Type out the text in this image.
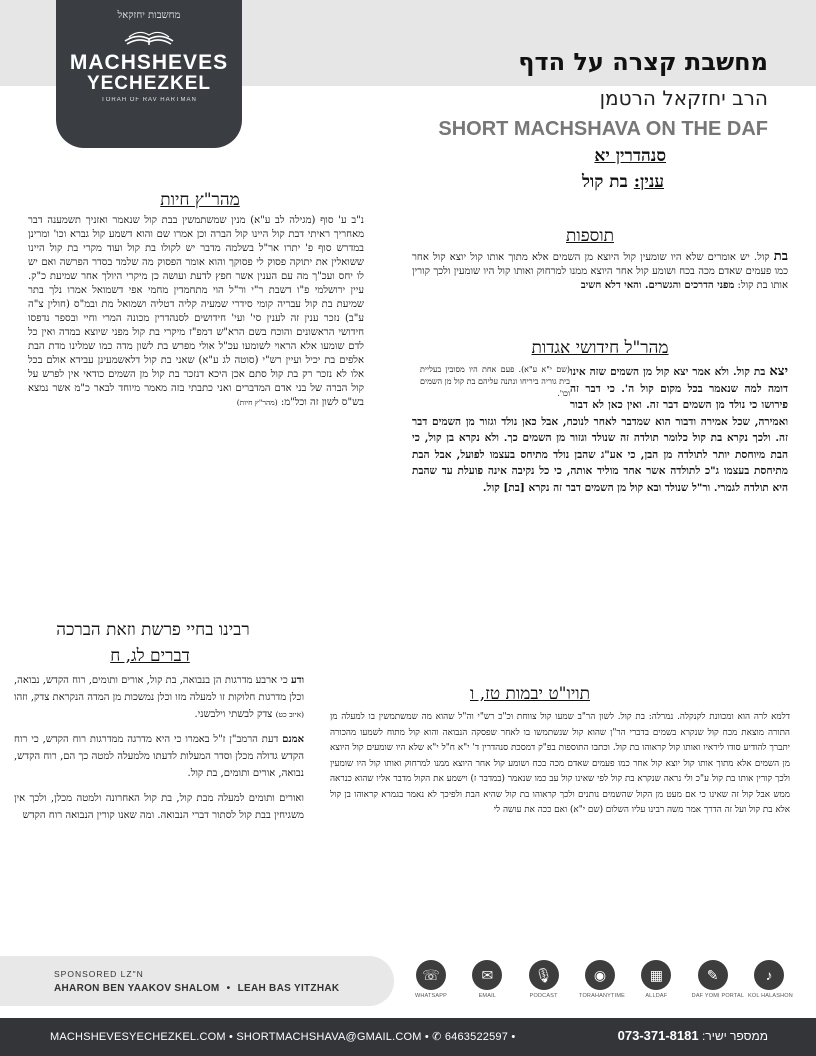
מחשבות יחזקאל
MACHSHEVES
YECHEZKEL
TORAH OF RAV HARTMAN
מחשבת קצרה על הדף
הרב יחזקאל הרטמן
SHORT MACHSHAVA ON THE DAF
סנהדרין יא
ענין: בת קול
מהר"ץ חיות
נ"ב ע' סוף (מגילה לב ע"א) מנין שמשתמשין בבת קול שנאמר ואזניך תשמענה דבר מאחריך ראיתי דבת קול היינו קול הברה וכן אמרו שם והוא דשמע קול גברא וכו' ומרינן במדרש סוף פ' יתרו אר"ל בשלמה מדבר יש לקולו בת קול ועוד מקרי בת קול היינו ששואלין את יתוקה פסוק לי פסוקך והוא אומר הפסוק מה שלמד בסדר הפרשה ואם יש לו יחס ועכ"ך מה עם הענין אשר חפץ לדעת ועושה כן מיקרי היולך אחר שמיעת כ"ק. עיין ירושלמי פ"ו דשבת ר"י ור"ל הוי מתחמדין מחמי אפי דשמואל אמרו נלך בתר שמיעת בת קול עבריה קומי סידרי שמעיה קליה דטליה ושמואל מת ובמ"ס (חולין צ"ה ע"ב) נזכר ענין זה לענין סי' ועי' חידושים לסנהדרין מכונה המרי וחיי ובספר נדפסו חידושי הראשונים והוכח בשם הרא"ש דמפ"ז מיקרי בת קול מפני שיוצא במדה ואין כל לדם שומעו אלא הראוי לשומעו עכ"ל אולי מפרש בת לשון מדה כמו שמלינו מדת הבת אלפים בת יכיל ועיין רש"י (סוטה לג ע"א) שאני בת קול דלאשמעינן עבידא אולם בכל אלו לא נזכר רק בת קול סתם אכן היכא דנזכר בת קול מן השמים כודאי אין לפרש על קול הברה של בני אדם המדברים ואני כתבתי בזה מאמר מיוחד לבאר כ"מ אשר נמצא בש"ס לשון זה וכל"מ: (מהר"ץ חיות)
רבינו בחיי פרשת וזאת הברכה
דברים לג, ח

ודע כי ארבע מדרגות הן בנבואה, בת קול, אורים ותומים, רוח הקדש, נבואה, וכלן מדרגות חלוקות זו למעלה מזו וכלן נמשכות מן המדה הנקראת צדק, וזהו (איוב כט) צדק לבשתי וילבשני.

אמנם דעת הרמב"ן ז"ל באמרו כי היא מדרגה ממדרגות רוח הקדש, כי רוח הקדש גדולה מכלן וסדר המעלות לדעתו מלמעלה למטה כך הם, רוח הקדש, נבואה, אורים ותומים, בת קול.

ואורים ותומים למעלה מבת קול, בת קול האחרונה ולמטה מכלן, ולכך אין משגיחין בבת קול לסתור דברי הנבואה. ומה שאנו קורין הנבואה רוח הקדש

תוספות
בת קול. יש אומרים שלא היו שומעין קול היוצא מן השמים אלא מתוך אותו קול יוצא קול אחר כמו פעמים שאדם מכה בכח ושומע קול אחר היוצא ממנו למרחוק ואותו קול היו שומעין ולכך קורין אותו בת קול: מפני הדרכים והגשרים. והאי דלא חשיב
מהר"ל חידושי אגדות
(שם י"א ע"א). פעם אחת היו מסובין בעליית בית גוריה ביריחו ונתנה עליהם בת קול מן השמים וכו'.
יצא בת קול. ולא אמר יצא קול מן השמים שזה אינו דומה למה שנאמר בכל מקום קול ה'. כי דבר זה פירושו כי נולד מן השמים דבר זה. ואין כאן לא דבור ואמירה, שכל אמירה ודבור הוא שמדבר לאחר לנוכח, אבל כאן נולד וגזור מן השמים דבר זה. ולכך נקרא בת קול כלומר תולדה זה שנולד וגזור מן השמים כך. ולא נקרא בן קול, כי הבת מיוחסת יותר לתולדה מן הבן, כי אע"ג שהבן נולד מתיחס בעצמו לפועל, אבל הבת מתיחסת בעצמו ג"כ לתולדה אשר אחד מוליד אותה, כי כל נקיבה אינה פועלת עד שהבת היא תולדה לגמרי. ור"ל שנולד ובא קול מן השמים דבר זה נקרא [בת] קול.
תויו"ט יבמות טז, ו
דלמא לרה הוא ומכוונת לקנקלה. נמרלה: בת קול. לשון הר"ב שמעו קול צווחת וכ"כ רש"י וה"ל שהוא מה שמשתמשין בו למעלה מן התורה מוצאת מכח קול שנקרא בשמים בדברי הר"ן שהוא קול שנשתמשו בו לאחר שפסקה הנבואה והוא קול מתוח לשמעו מהכורה יתברך להודיע סודו ליראיו ואותו קול קראוהו בת קול. וכתבו התוספות בפ"ק דמסכת סנהדרין ד' י"א ח"ל י"א שלא היו שומעים קול היוצא מן השמים אלא מתוך אותו קול יוצא קול אחר כמו פעמים שאדם מכה בכח ושומע קול אחר היוצא ממנו למרחוק ואותו קול היו שומעין ולכך קורין אותו בת קול ע"כ ולי נראה שנקרא בת קול לפי שאינו קול עב כמו שנאמר (במדבר ז) וישמע את הקול מדבר אליו שהוא כנראה ממש אבל קול זה שאינו כי אם מעט מן הקול שהשמים נותנים ולכך קראוהו בת קול שהיא הבת ולפיכך לא נאמר בגמרא קראוהו בן קול אלא בת קול ועל זה הדרך אמר משה רבינו עליו השלום (שם י"א) ואם ככה את עושה לי
SPONSORED LZ"N
AHARON BEN YAAKOV SHALOM • LEAH BAS YITZHAK
☏
WHATSAPP
✉
EMAIL
🎙
PODCAST
◉
TORAHANYTIME
▦
ALLDAF
✎
DAF YOMI PORTAL
♪
KOL HALASHON
MACHSHEVESYECHEZKEL.COM • SHORTMACHSHAVA@GMAIL.COM • ✆ 6463522597 •	ממספר ישיר: 073-371-8181
